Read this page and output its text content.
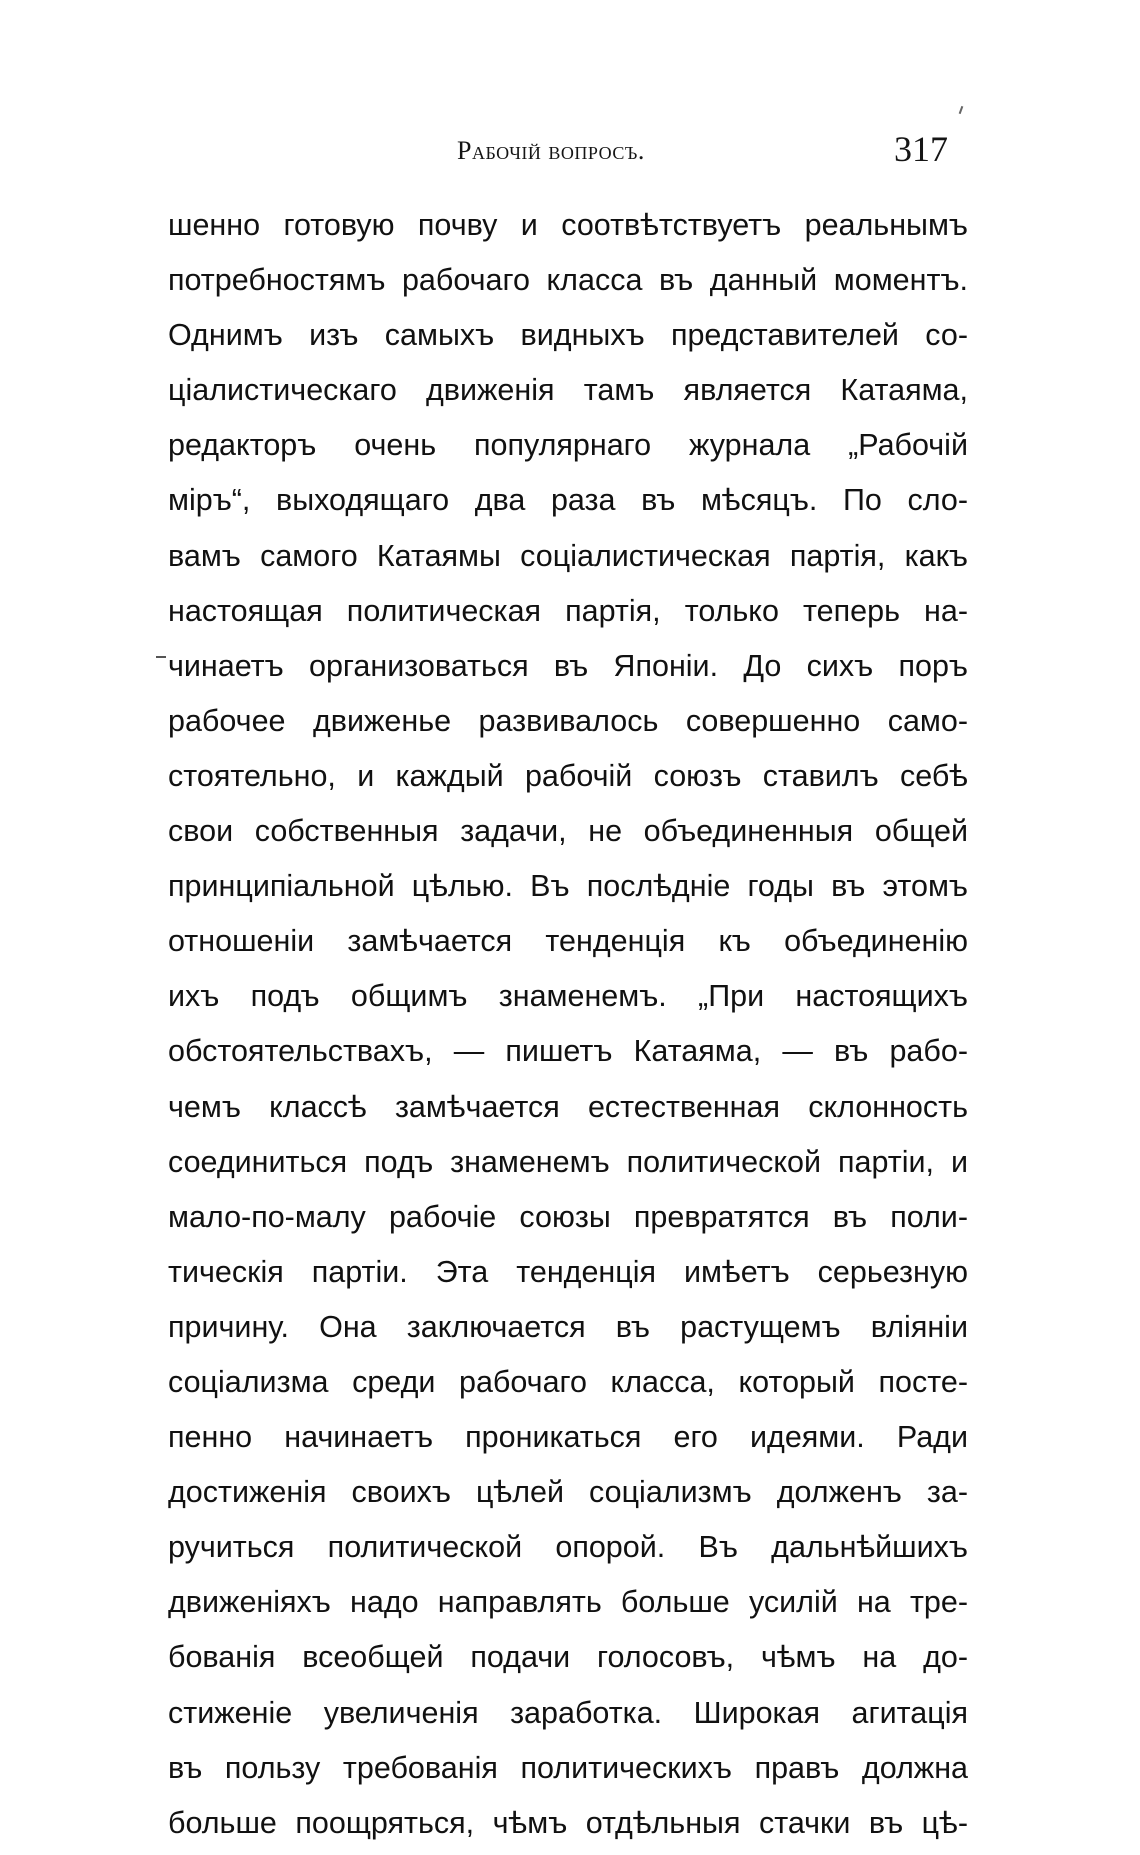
Рабочій вопросъ.	317
шенно готовую почву и соотвѣтствуетъ реальнымъ
потребностямъ рабочаго класса въ данный моментъ.
Однимъ изъ самыхъ видныхъ представителей со-
ціалистическаго движенія тамъ является Катаяма,
редакторъ очень популярнаго журнала „Рабочій
міръ“, выходящаго два раза въ мѣсяцъ. По сло-
вамъ самого Катаямы соціалистическая партія, какъ
настоящая политическая партія, только теперь на-
чинаетъ организоваться въ Японіи. До сихъ поръ
рабочее движенье развивалось совершенно само-
стоятельно, и каждый рабочій союзъ ставилъ себѣ
свои собственныя задачи, не объединенныя общей
принципіальной цѣлью. Въ послѣдніе годы въ этомъ
отношеніи замѣчается тенденція къ объединенію
ихъ подъ общимъ знаменемъ. „При настоящихъ
обстоятельствахъ, — пишетъ Катаяма, — въ рабо-
чемъ классѣ замѣчается естественная склонность
соединиться подъ знаменемъ политической партіи, и
мало-по-малу рабочіе союзы превратятся въ поли-
тическія партіи. Эта тенденція имѣетъ серьезную
причину. Она заключается въ растущемъ вліяніи
соціализма среди рабочаго класса, который посте-
пенно начинаетъ проникаться его идеями. Ради
достиженія своихъ цѣлей соціализмъ долженъ за-
ручиться политической опорой. Въ дальнѣйшихъ
движеніяхъ надо направлять больше усилій на тре-
бованія всеобщей подачи голосовъ, чѣмъ на до-
стиженіе увеличенія заработка. Широкая агитація
въ пользу требованія политическихъ правъ должна
больше поощряться, чѣмъ отдѣльныя стачки въ цѣ-
